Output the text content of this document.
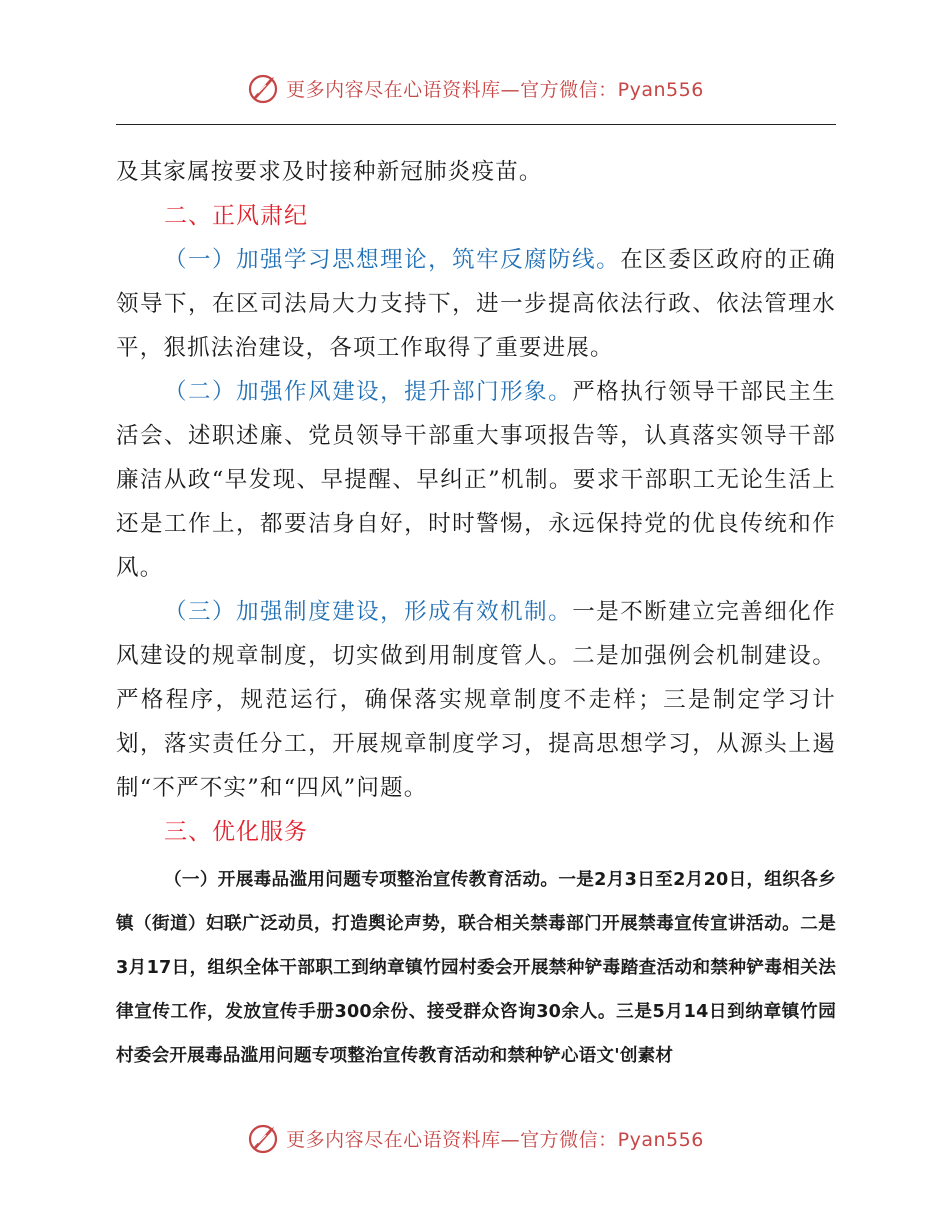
更多内容尽在心语资料库—官方微信：Pyan556

及其家属按要求及时接种新冠肺炎疫苗。

二、正风肃纪

（一）加强学习思想理论，筑牢反腐防线。在区委区政府的正确领导下，在区司法局大力支持下，进一步提高依法行政、依法管理水平，狠抓法治建设，各项工作取得了重要进展。

（二）加强作风建设，提升部门形象。严格执行领导干部民主生活会、述职述廉、党员领导干部重大事项报告等，认真落实领导干部廉洁从政“早发现、早提醒、早纠正”机制。要求干部职工无论生活上还是工作上，都要洁身自好，时时警惕，永远保持党的优良传统和作风。

（三）加强制度建设，形成有效机制。一是不断建立完善细化作风建设的规章制度，切实做到用制度管人。二是加强例会机制建设。严格程序，规范运行，确保落实规章制度不走样；三是制定学习计划，落实责任分工，开展规章制度学习，提高思想学习，从源头上遏制“不严不实”和“四风”问题。

三、优化服务

（一）开展毒品滥用问题专项整治宣传教育活动。一是2月3日至2月20日，组织各乡镇（街道）妇联广泛动员，打造舆论声势，联合相关禁毒部门开展禁毒宣传宣讲活动。二是3月17日，组织全体干部职工到纳章镇竹园村委会开展禁种铲毒踏查活动和禁种铲毒相关法律宣传工作，发放宣传手册300余份、接受群众咨询30余人。三是5月14日到纳章镇竹园村委会开展毒品滥用问题专项整治宣传教育活动和禁种铲心语文'创素材

更多内容尽在心语资料库—官方微信：Pyan556
